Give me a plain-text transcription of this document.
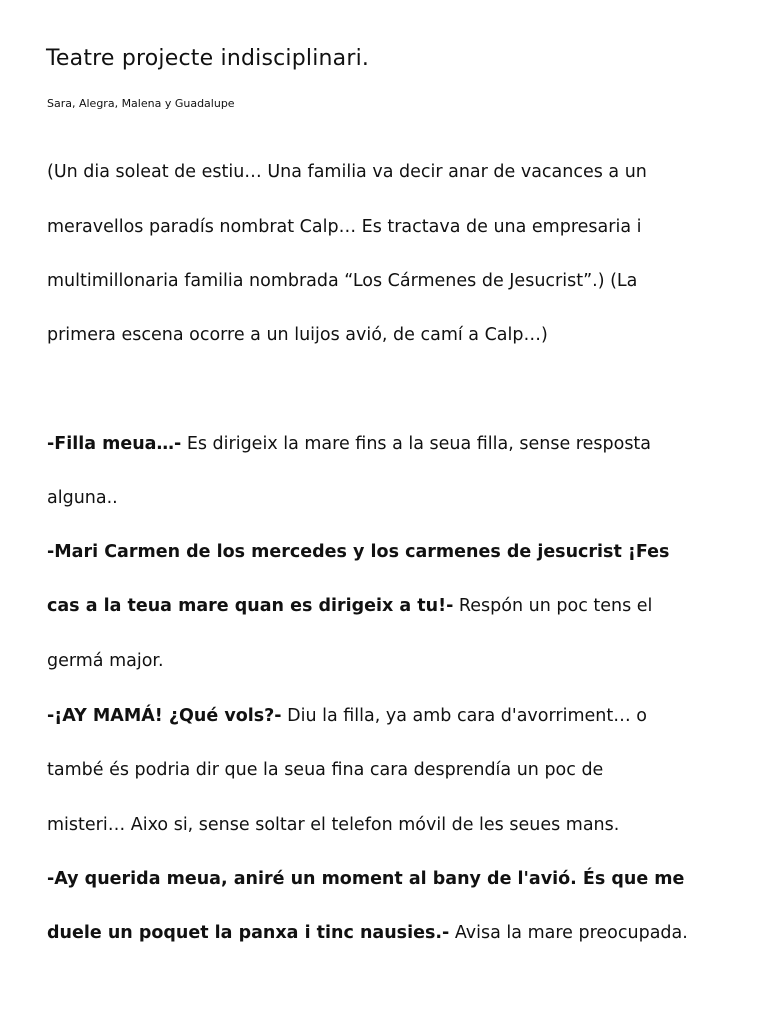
Teatre projecte indisciplinari.

Sara, Alegra, Malena y Guadalupe

(Un dia soleat de estiu… Una familia va decir anar de vacances a un

meravellos paradís nombrat Calp… Es tractava de una empresaria i

multimillonaria familia nombrada “Los Cármenes de Jesucrist”.) (La

primera escena ocorre a un luijos avió, de camí a Calp…)

-Filla meua…- Es dirigeix la mare fins a la seua filla, sense resposta

alguna..

-Mari Carmen de los mercedes y los carmenes de jesucrist ¡Fes

cas a la teua mare quan es dirigeix a tu!- Respón un poc tens el

germá major.

-¡AY MAMÁ! ¿Qué vols?- Diu la filla, ya amb cara d'avorriment… o

també és podria dir que la seua fina cara desprendía un poc de

misteri… Aixo si, sense soltar el telefon móvil de les seues mans.

-Ay querida meua, aniré un moment al bany de l'avió. És que me

duele un poquet la panxa i tinc nausies.- Avisa la mare preocupada.
